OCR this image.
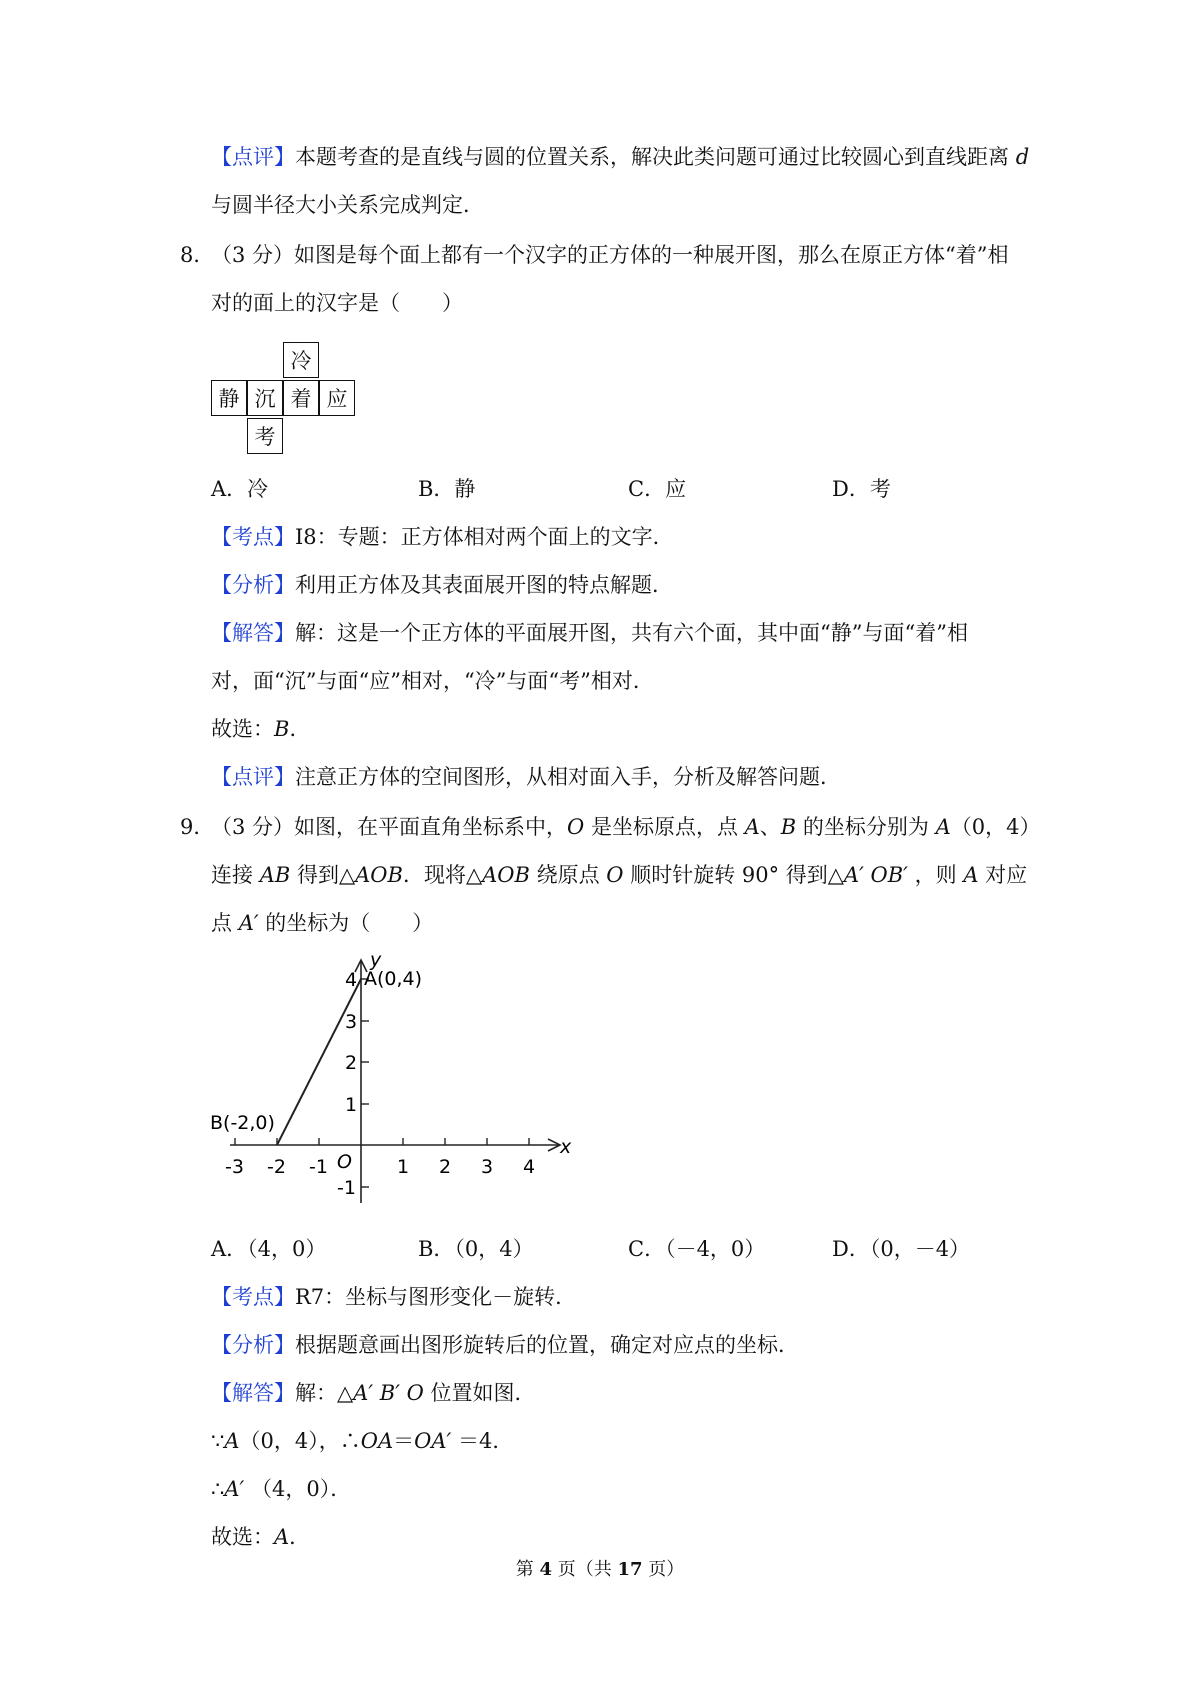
【点评】本题考查的是直线与圆的位置关系，解决此类问题可通过比较圆心到直线距离 d
与圆半径大小关系完成判定．
8．
（3 分）如图是每个面上都有一个汉字的正方体的一种展开图，那么在原正方体“着”相
对的面上的汉字是（　　）
冷
静 沉 着 应
考
A．冷	B．静	C．应	D．考
【考点】I8：专题：正方体相对两个面上的文字．
【分析】利用正方体及其表面展开图的特点解题．
【解答】解：这是一个正方体的平面展开图，共有六个面，其中面“静”与面“着”相
对，面“沉”与面“应”相对，“冷”与面“考”相对．
故选：B．
【点评】注意正方体的空间图形，从相对面入手，分析及解答问题．
9．
（3 分）如图，在平面直角坐标系中，O 是坐标原点，点 A、B 的坐标分别为 A（0，4）
连接 AB 得到△AOB．现将△AOB 绕原点 O 顺时针旋转 90° 得到△A′ OB′ ，则 A 对应
点 A′ 的坐标为（　　）
y
x
A(0,4)
B(-2,0)
O
-3 -2 -1	1 2 3 4
4
3
2
1
-1
A．（4，0）	B．（0，4）	C．（－4，0）	D．（0，－4）
【考点】R7：坐标与图形变化－旋转．
【分析】根据题意画出图形旋转后的位置，确定对应点的坐标．
【解答】解：△A′ B′ O 位置如图．
∵A（0，4），∴OA＝OA′ ＝4．
∴A′ （4，0）．
故选：A．
第 4 页（共 17 页）
